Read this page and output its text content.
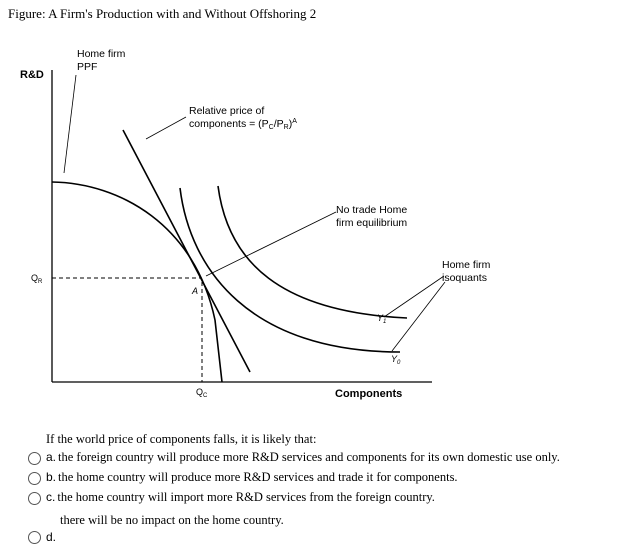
Figure: A Firm's Production with and Without Offshoring 2
R&D
Components
$Q_R$
$Q_C$
A
Home firm
PPF
Relative price of
components = $(PC/PR)^A$
No trade Home
firm equilibrium
Home firm
isoquants
$Y_1$
$Y_0$
If the world price of components falls, it is likely that:
a. the foreign country will produce more R&D services and components for its own domestic use only.
b. the home country will produce more R&D services and trade it for components.
c. the home country will import more R&D services from the foreign country.
d.
there will be no impact on the home country.
